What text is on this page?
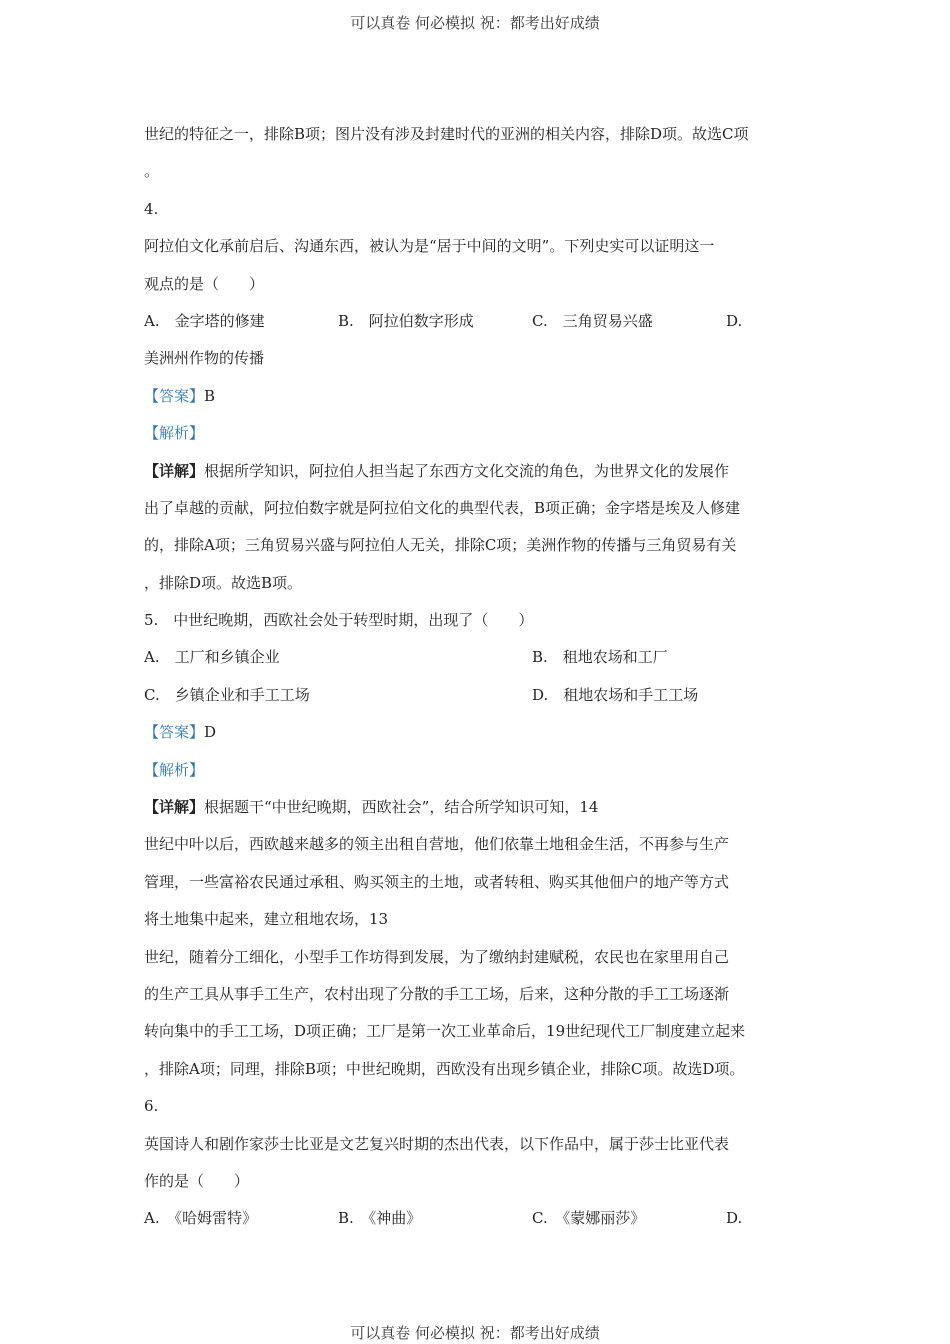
可以真卷 何必模拟 祝：都考出好成绩
世纪的特征之一，排除B项；图片没有涉及封建时代的亚洲的相关内容，排除D项。故选C项
。
4.
阿拉伯文化承前启后、沟通东西，被认为是“居于中间的文明”。下列史实可以证明这一
观点的是（　　）
A.　金字塔的修建	B.　阿拉伯数字形成	C.　三角贸易兴盛	D.
美洲州作物的传播
【答案】B
【解析】
【详解】根据所学知识，阿拉伯人担当起了东西方文化交流的角色，为世界文化的发展作
出了卓越的贡献，阿拉伯数字就是阿拉伯文化的典型代表，B项正确；金字塔是埃及人修建
的，排除A项；三角贸易兴盛与阿拉伯人无关，排除C项；美洲作物的传播与三角贸易有关
，排除D项。故选B项。
5.　中世纪晚期，西欧社会处于转型时期，出现了（　　）
A.　工厂和乡镇企业	B.　租地农场和工厂
C.　乡镇企业和手工工场	D.　租地农场和手工工场
【答案】D
【解析】
【详解】根据题干“中世纪晚期，西欧社会”，结合所学知识可知，14
世纪中叶以后，西欧越来越多的领主出租自营地，他们依靠土地租金生活，不再参与生产
管理，一些富裕农民通过承租、购买领主的土地，或者转租、购买其他佃户的地产等方式
将土地集中起来，建立租地农场，13
世纪，随着分工细化，小型手工作坊得到发展，为了缴纳封建赋税，农民也在家里用自己
的生产工具从事手工生产，农村出现了分散的手工工场，后来，这种分散的手工工场逐渐
转向集中的手工工场，D项正确；工厂是第一次工业革命后，19世纪现代工厂制度建立起来
，排除A项；同理，排除B项；中世纪晚期，西欧没有出现乡镇企业，排除C项。故选D项。
6.
英国诗人和剧作家莎士比亚是文艺复兴时期的杰出代表，以下作品中，属于莎士比亚代表
作的是（　　）
A.　《哈姆雷特》	B.　《神曲》	C.　《蒙娜丽莎》	D.
可以真卷 何必模拟 祝：都考出好成绩
